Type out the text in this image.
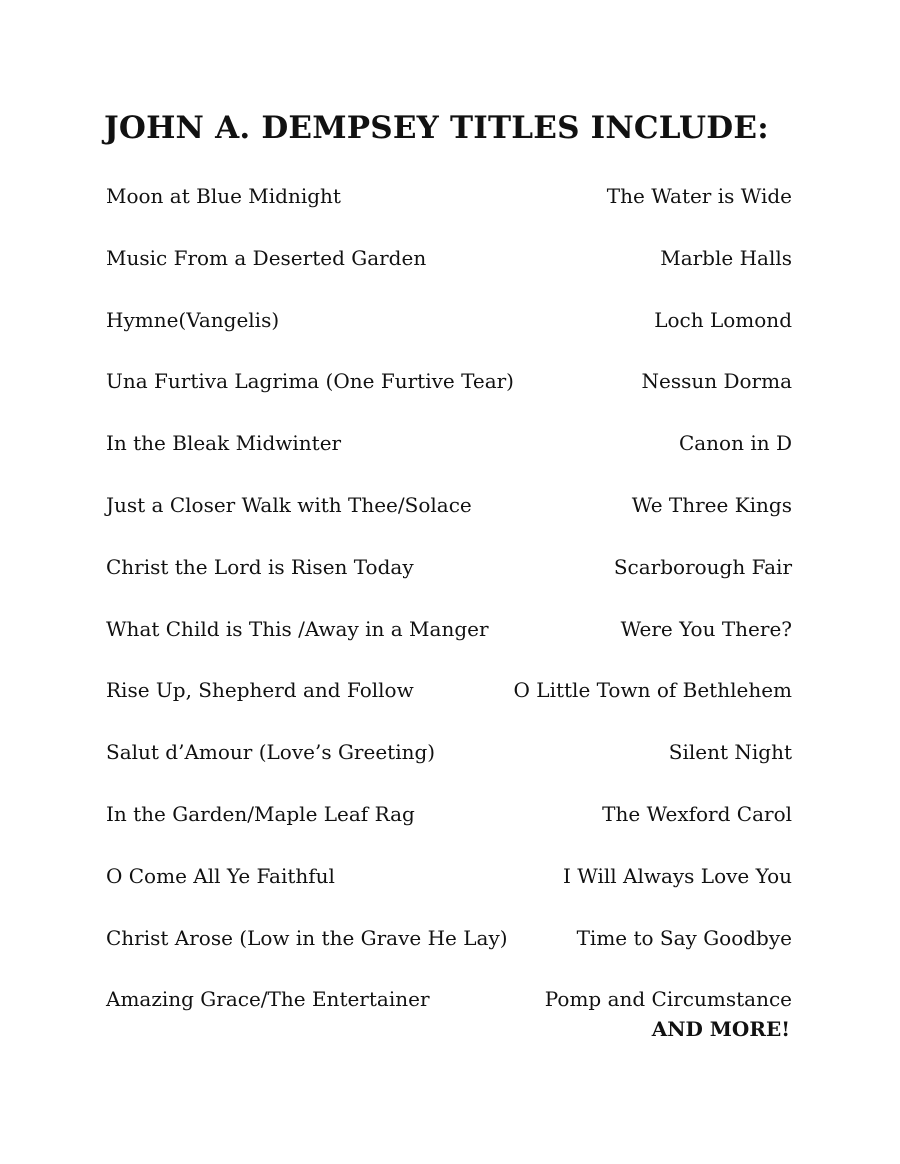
JOHN A. DEMPSEY TITLES INCLUDE:
Moon at Blue Midnight	The Water is Wide
Music From a Deserted Garden	Marble Halls
Hymne(Vangelis)	Loch Lomond
Una Furtiva Lagrima (One Furtive Tear)	Nessun Dorma
In the Bleak Midwinter	Canon in D
Just a Closer Walk with Thee/Solace	We Three Kings
Christ the Lord is Risen Today	Scarborough Fair
What Child is This /Away in a Manger	Were You There?
Rise Up, Shepherd and Follow	O Little Town of Bethlehem
Salut d’Amour (Love’s Greeting)	Silent Night
In the Garden/Maple Leaf Rag	The Wexford Carol
O Come All Ye Faithful	I Will Always Love You
Christ Arose (Low in the Grave He Lay)	Time to Say Goodbye
Amazing Grace/The Entertainer	Pomp and Circumstance
AND MORE!
